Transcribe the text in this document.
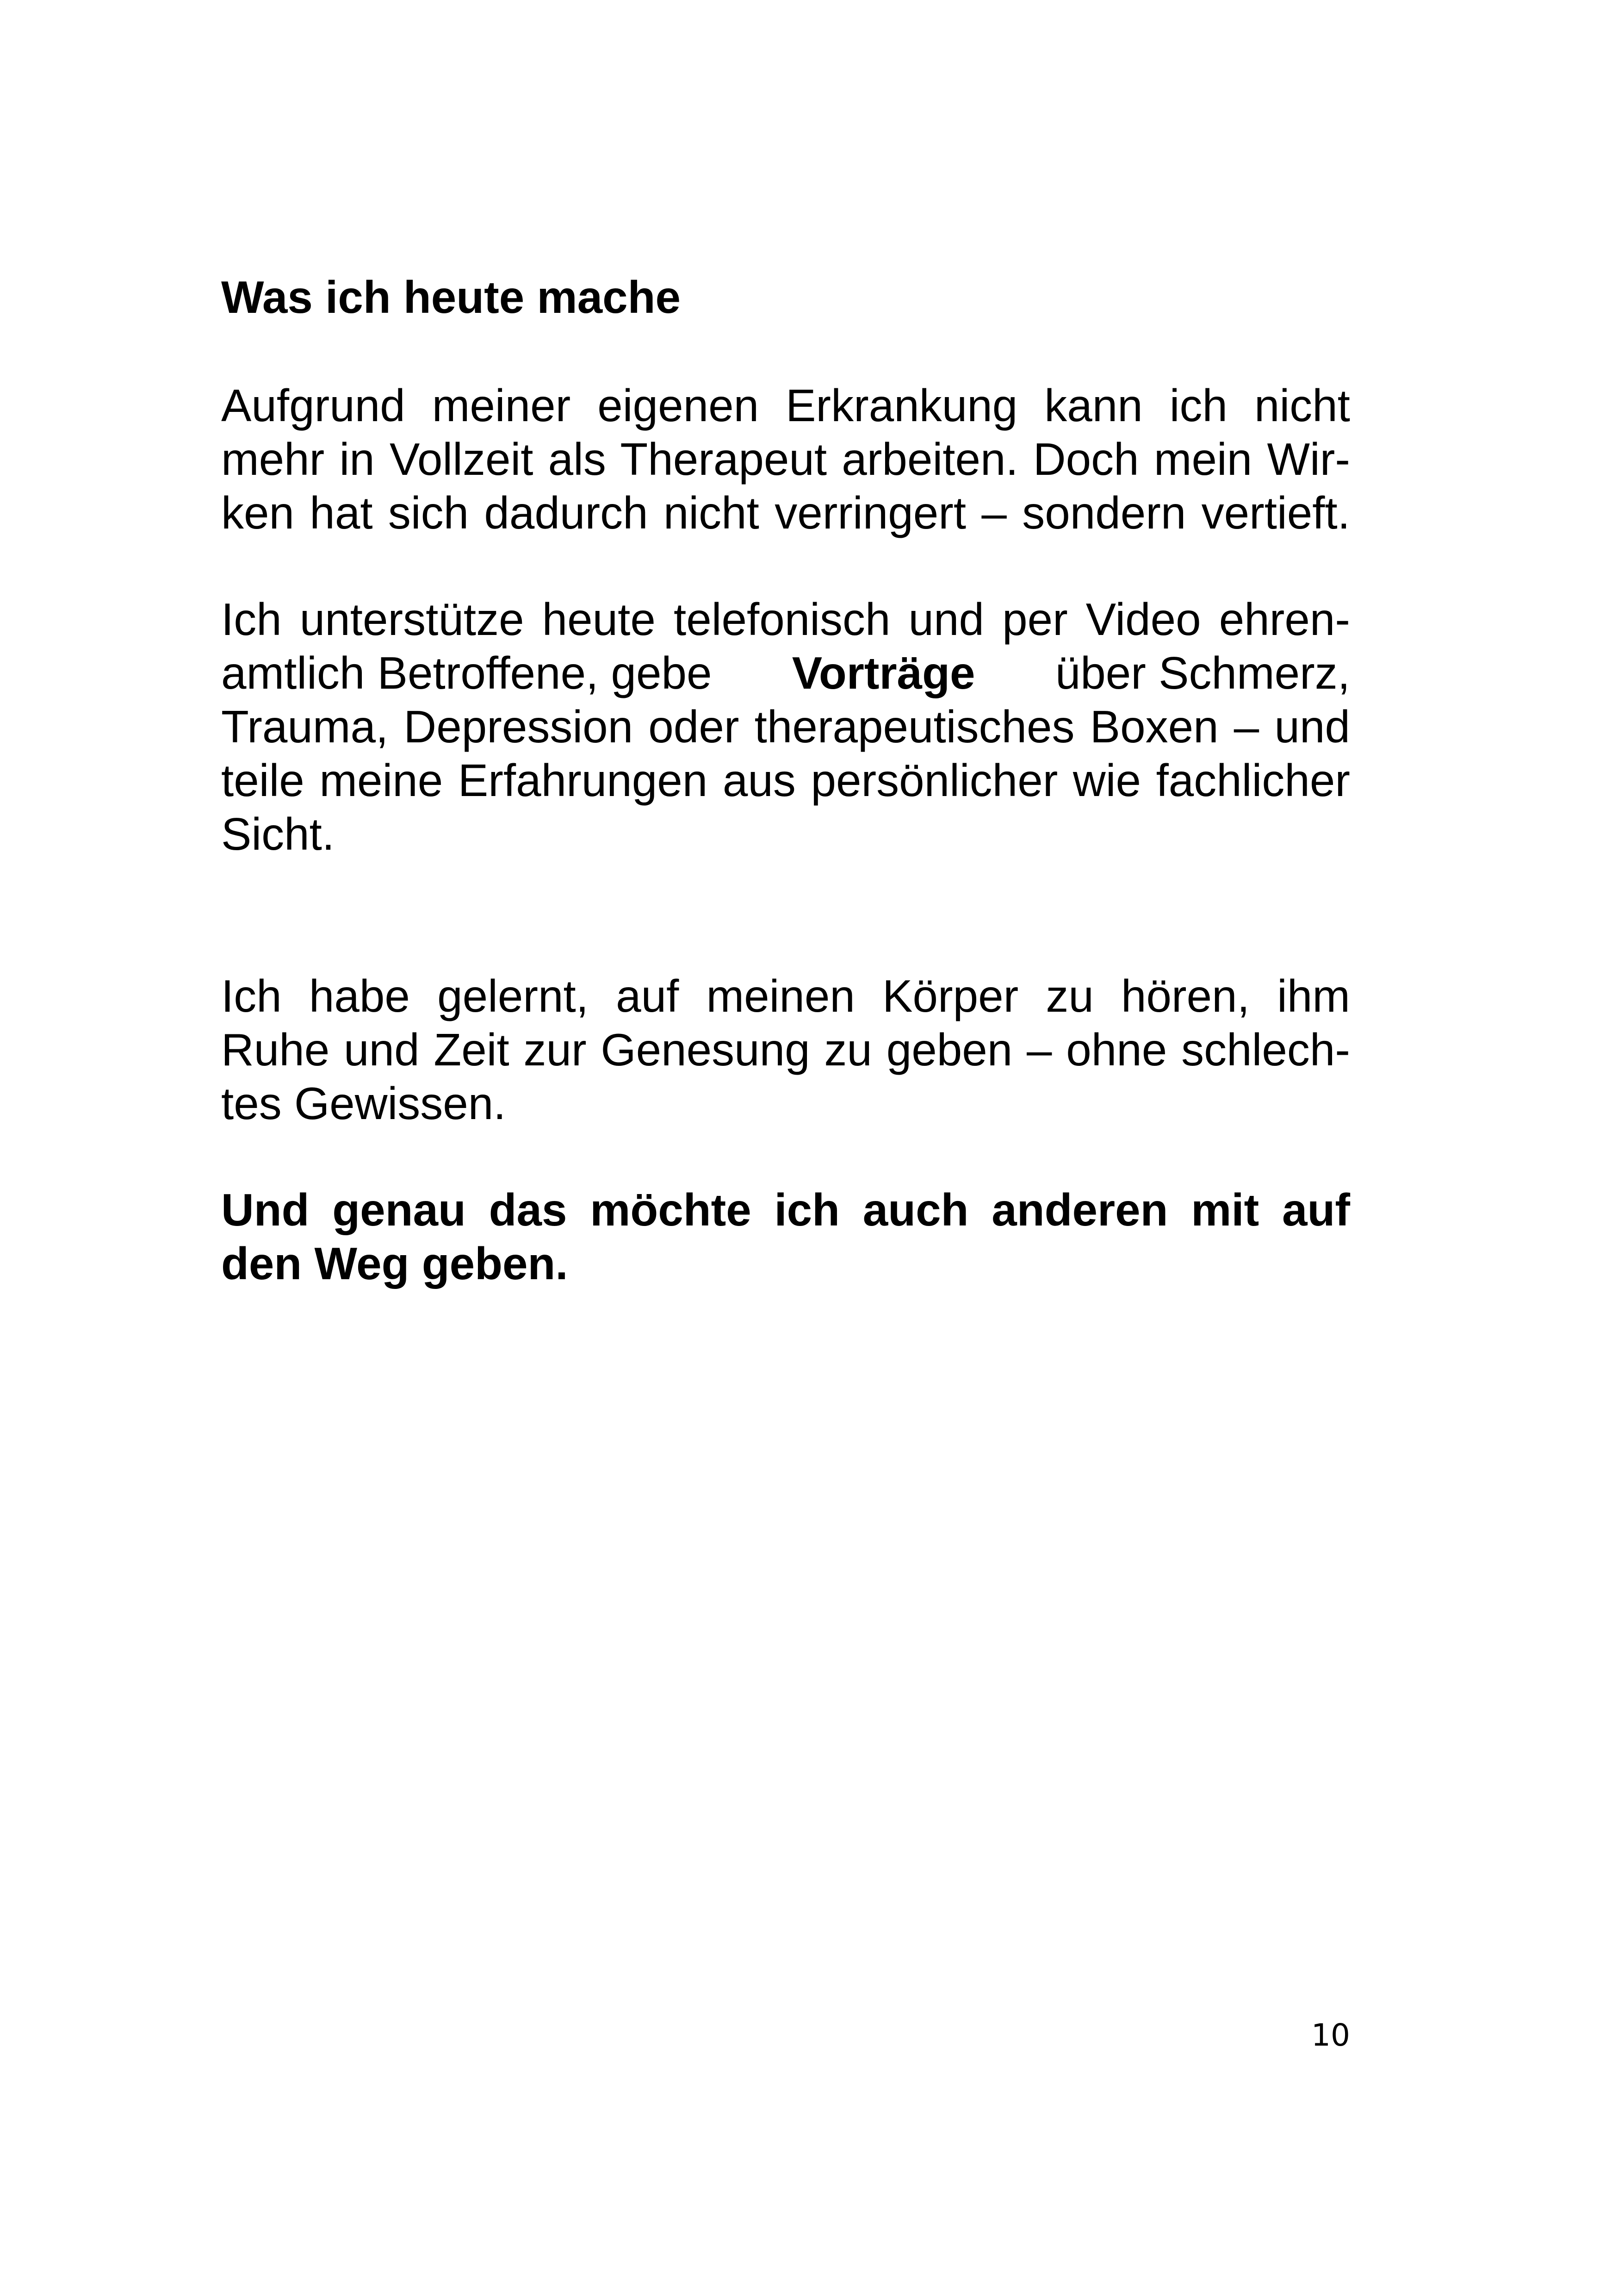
Was ich heute mache
Aufgrund meiner eigenen Erkrankung kann ich nicht
mehr in Vollzeit als Therapeut arbeiten. Doch mein Wir-
ken hat sich dadurch nicht verringert – sondern vertieft.
Ich unterstütze heute telefonisch und per Video ehren-
amtlich Betroffene, gebe Vorträge über Schmerz,
Trauma, Depression oder therapeutisches Boxen – und
teile meine Erfahrungen aus persönlicher wie fachlicher
Sicht.
Ich habe gelernt, auf meinen Körper zu hören, ihm
Ruhe und Zeit zur Genesung zu geben – ohne schlech-
tes Gewissen.
Und genau das möchte ich auch anderen mit auf
den Weg geben.
10
